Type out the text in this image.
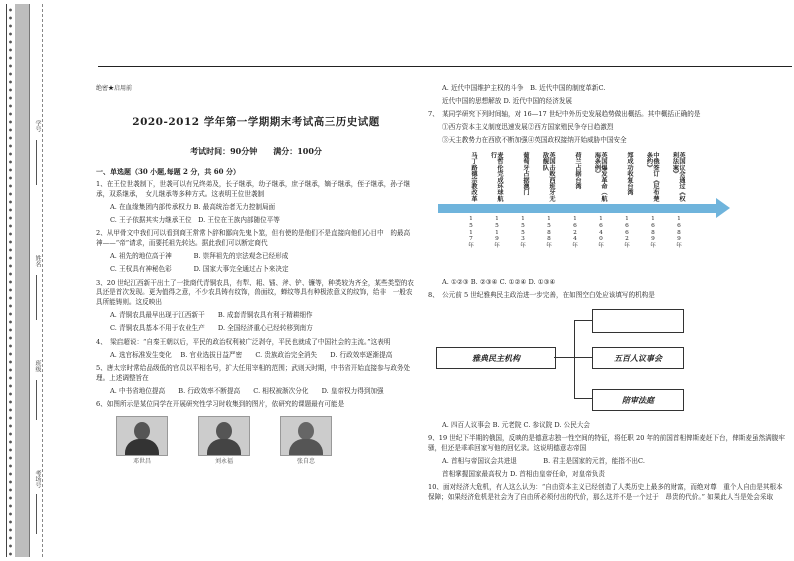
学号
姓名
班级
考场号
绝密★启用前
2020-2012 学年第一学期期末考试高三历史试题
考试时间：90分钟　　满分：100分
一、单选题（30 小题,每题 2 分，共 60 分）
1、在王位世袭制下，世袭可以有兄终弟及，长子继承，幼子继承，庶子继承，嫡子继承，侄子继承，孙子继承，双系继承，　女儿继承等多种方式。这表明王位世袭制
A. 在血缘集团内部传承权力 B. 最高统治者无力控制局面
C. 王子依据其实力继承王位　D. 王位在王族内部随位平等
2、从甲骨文中我们可以看到商王常常卜辞和鄙向先鬼卜筮，但有使的是他们不是直接向他们心目中　的最高神——“帝”请求，而要托祖先转达。据此我们可以断定商代
A. 祖先的地位高于神　　　 B. 崇拜祖先的宗法观念已经形成
C. 王权具有神秘色彩　　　 D. 国家大事完全通过占卜来决定
3、20 世纪江西新干出土了一批商代青铜农具，有犁、耜、锸、斧、铲、镰等，种类较为齐全，某些类型的农具还是首次发现。更为值得之意，不少农具铸有纹饰，兽面纹，蝉纹等具有种极浓意义的纹饰，给非　一般农具所能铸则。这反映出
A. 青铜农具最早出现于江西新干　　B. 成套青铜农具有利于精耕细作
C. 青铜农具基本不用于农业生产　　D. 全国经济重心已经转移到南方
4、　梁启超说：“自秦王朝以后，平民的政治权利被广泛剥夺，平民也就成了中国社会的主流。”这表明
A. 选官标准发生变化　 B. 官业选拔日益严密　　C. 贵族政治完全消失　　D. 行政效率逐渐提高
5、唐太宗时常给品级低的官员以平相名号，扩大任用宰相的范围；武则天时期，中书省开始直接参与政务处理。上述调整旨在
A. 中书省地位提高　　B. 行政效率不断提高　　C. 相权被渐次分化　　D. 皇帝权力得到加强
6、如图所示是某位同学在开展研究性学习时收集到的图片，依研究的课题最有可能是
邓世昌	刘永福	张自忠
A. 近代中国维护主权的斗争　B. 近代中国的制度革新C.
近代中国的思想解放 D. 近代中国的经济发展
7、　某同学研究下列时间轴，对 16—17 世纪中外历史发展趋势做出概括。其中概括正确的是
①西方资本主义制度迅速发展②西方国家殖民争夺日趋激烈
③天主教势力在西欧不断加强④英国政权接纳开始威胁中国安全
马丁路德宗教改革
1
5
1
7
年
麦哲伦完成环球航行
1
5
1
9
年
葡萄牙占据澳门
1
5
5
3
年
英国击败西班牙无敌舰队
1
5
8
8
年
荷兰占据台湾
1
6
2
4
年
英国爆发革命（航海条例）
1
6
4
0
年
郑成功收复台湾
1
6
6
2
年
中俄签订《尼布楚条约》
1
6
8
9
年
英国议会通过《权利法案》
1
6
8
9
年
A. ①②③ B. ②③④ C. ①②④ D. ①③④
8、　公元前 5 世纪雅典民主政治进一步完善，在如图空白处应该填写的机构是
雅典民主机构	五百人议事会
陪审法庭
A. 四百人议事会 B. 元老院 C. 参议院 D. 公民大会
9、19 世纪下半期的俄国，反映的是德意志独一性空间的特征，将任职 20 年的前国首相俾斯麦赶下台，俾斯麦虽然满腹牢骚，但还是乖乖回家写他的回忆录。这说明德意志帝国
A. 首相与帝国议会共进退　　　　B. 君主是国家的元首，能指不出C.
首相掌握国家最高权力 D. 首相由皇帝任命，对皇帝负责
10、面对经济大危机，有人这么认为：“自由资本主义已经创造了人类历史上最多的财富，而绝对尊　重个人自由是其根本保障；如果经济危机是社会为了自由所必须付出的代价，那么这并不是一个过于　昂贵的代价。” 如果此人当是处会采取
